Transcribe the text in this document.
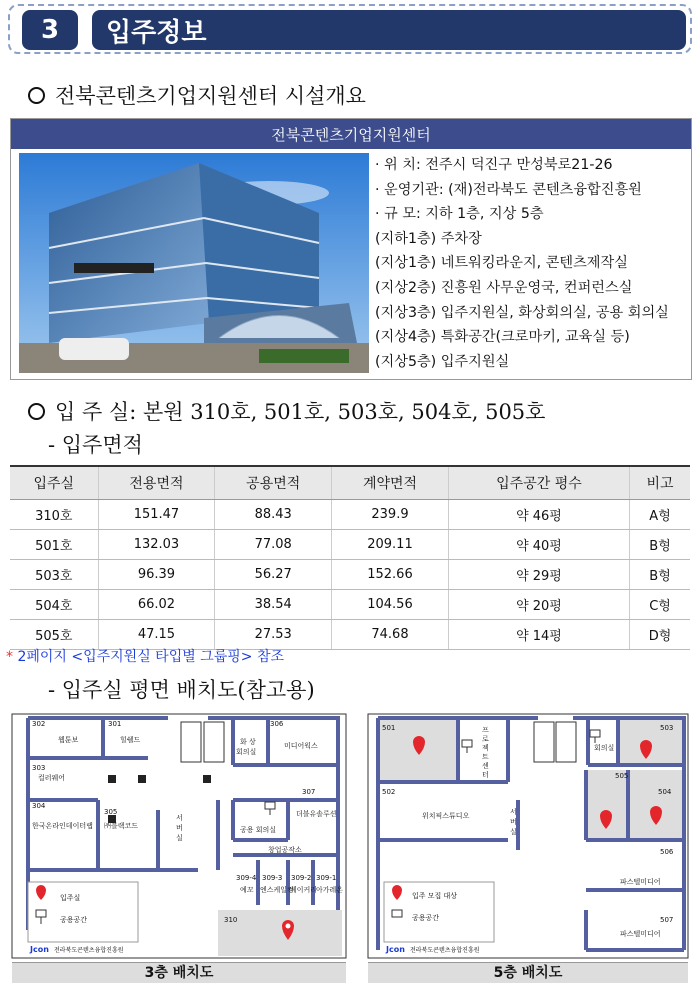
3	입주정보
전북콘텐츠기업지원센터 시설개요
전북콘텐츠기업지원센터
· 위 치: 전주시 덕진구 만성북로21-26
· 운영기관: (재)전라북도 콘텐츠융합진흥원
· 규 모: 지하 1층, 지상 5층
(지하1층) 주차장
(지상1층) 네트워킹라운지, 콘텐츠제작실
(지상2층) 진흥원 사무운영국, 컨퍼런스실
(지상3층) 입주지원실, 화상회의실, 공용 회의실
(지상4층) 특화공간(크로마키, 교육실 등)
(지상5층) 입주지원실
입 주 실: 본원 310호, 501호, 503호, 504호, 505호
- 입주면적
입주실	전용면적	공용면적	계약면적	입주공간 평수	비고
310호	151.47	88.43	239.9	약 46평	A형
501호	132.03	77.08	209.11	약 40평	B형
503호	96.39	56.27	152.66	약 29평	B형
504호	66.02	38.54	104.56	약 20평	C형
505호	47.15	27.53	74.68	약 14평	D형
* 2페이지 <입주지원실 타입별 그룹핑> 참조
- 입주실 평면 배치도(참고용)
302
웹툰보
301
힐쉘드	화 상
회의실
306
미디어웍스
303
컬러웨어
304
한국온라인데이터랩
305
㈜블랙코드
서
버
실
307
더블유솔루션
공용 회의실
창업공작소
309-4
예꼬
309-3
엔스케일킹
309-2
베이커리
309-1
아가레온
310
입주실
공용공간
Jcon 전라북도콘텐츠융합진흥원
501	프
로
젝
트
센
터
503
회의실
502
위치픽스튜디오	서
버
실
505
504
506
파스텔미디어
507
파스텔미디어
입주 모집 대상
공용공간
Jcon 전라북도콘텐츠융합진흥원
3층 배치도	5층 배치도
